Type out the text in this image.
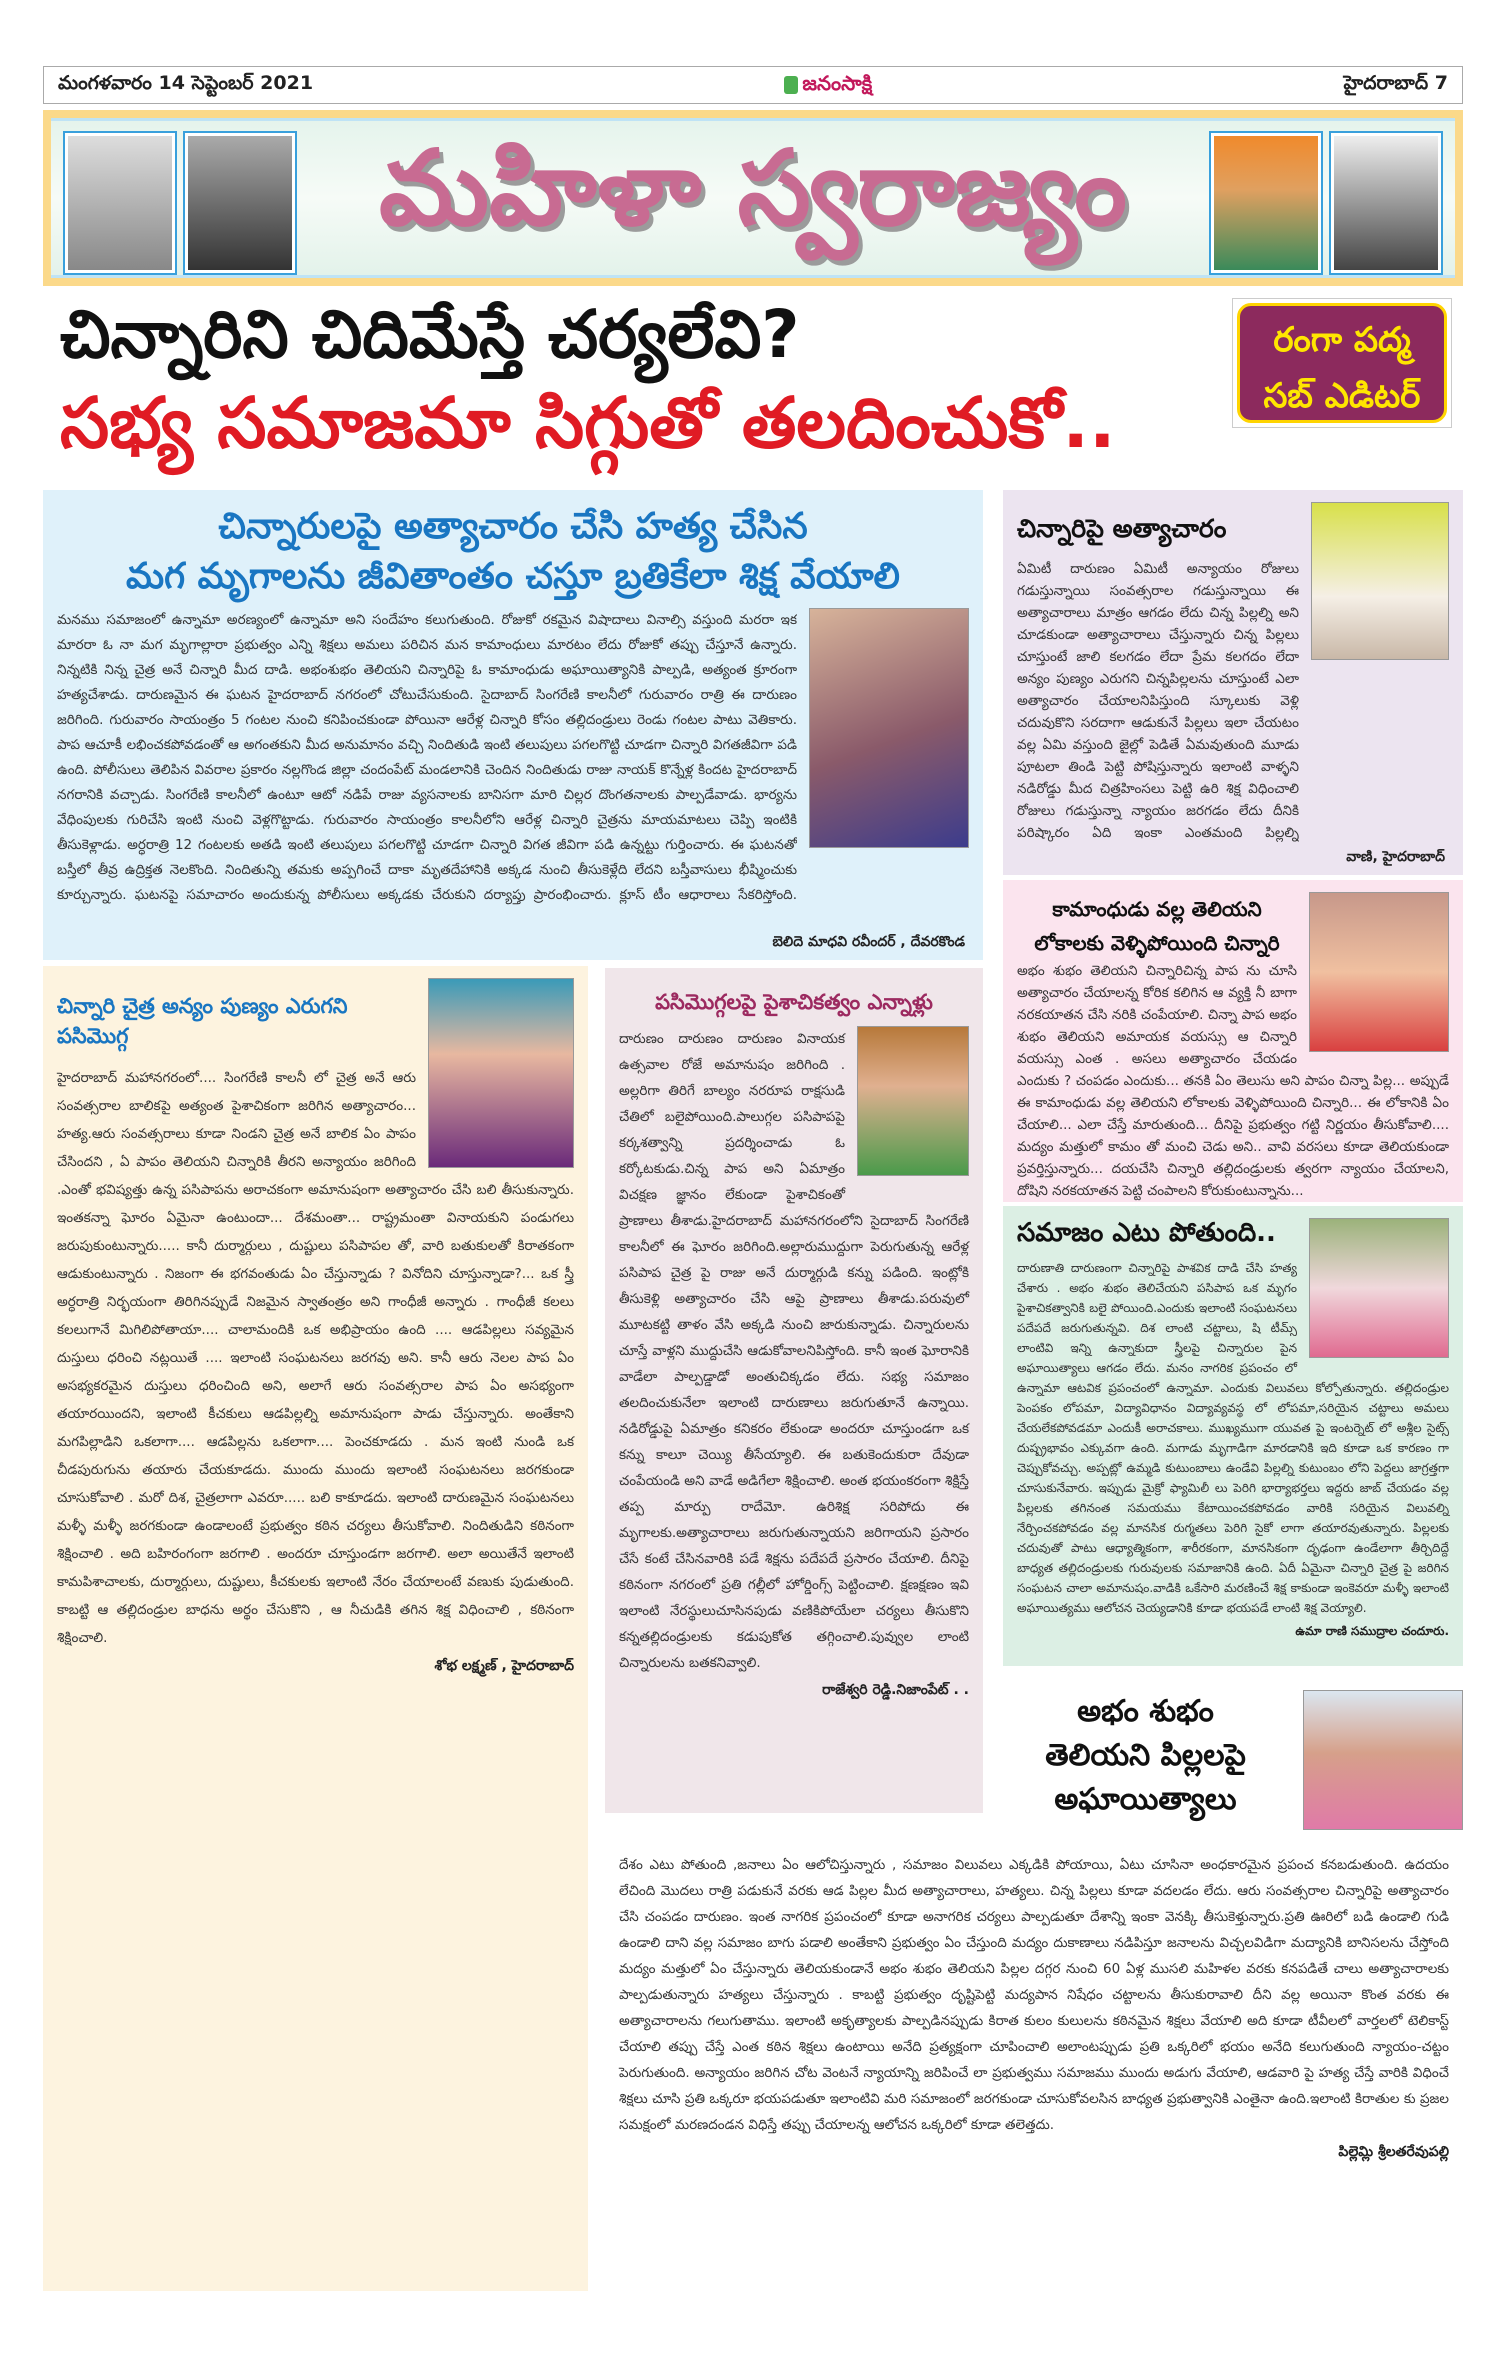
మంగళవారం 14 సెప్టెంబర్ 2021	జనంసాక్షి	హైదరాబాద్ 7
మహిళా స్వరాజ్యం
చిన్నారిని చిదిమేస్తే చర్యలేవి?
సభ్య సమాజమా సిగ్గుతో తలదించుకో..
రంగా పద్మ
సబ్ ఎడిటర్
చిన్నారులపై అత్యాచారం చేసి హత్య చేసిన
మగ మృగాలను జీవితాంతం చస్తూ బ్రతికేలా శిక్ష వేయాలి

మనము సమాజంలో ఉన్నామా అరణ్యంలో ఉన్నామా అని సందేహం కలుగుతుంది. రోజుకో రకమైన విషాదాలు వినాల్సి వస్తుంది మరరా ఇక మారరా ఓ నా మగ మృగాల్లారా ప్రభుత్వం ఎన్ని శిక్షలు అమలు పరిచిన మన కామాంధులు మారటం లేదు రోజుకో తప్పు చేస్తూనే ఉన్నారు. నిన్నటికి నిన్న చైత్ర అనే చిన్నారి మీద దాడి. అభంశుభం తెలియని చిన్నారిపై ఓ కామాంధుడు అఘాయిత్యానికి పాల్పడి, అత్యంత క్రూరంగా హత్యచేశాడు. దారుణమైన ఈ ఘటన హైదరాబాద్ నగరంలో చోటుచేసుకుంది. సైదాబాద్ సింగరేణి కాలనీలో గురువారం రాత్రి ఈ దారుణం జరిగింది. గురువారం సాయంత్రం 5 గంటల నుంచి కనిపించకుండా పోయినా ఆరేళ్ల చిన్నారి కోసం తల్లిదండ్రులు రెండు గంటల పాటు వెతికారు. పాప ఆచూకీ లభించకపోవడంతో ఆ అగంతకుని మీద అనుమానం వచ్చి నిందితుడి ఇంటి తలుపులు పగలగొట్టి చూడగా చిన్నారి విగతజీవిగా పడి ఉంది. పోలీసులు తెలిపిన వివరాల ప్రకారం నల్లగొండ జిల్లా చందంపేట్ మండలానికి చెందిన నిందితుడు రాజు నాయక్ కొన్నేళ్ల కిందట హైదరాబాద్ నగరానికి వచ్చాడు. సింగరేణి కాలనీలో ఉంటూ ఆటో నడిపే రాజు వ్యసనాలకు బానిసగా మారి చిల్లర దొంగతనాలకు పాల్పడేవాడు. భార్యను వేధింపులకు గురిచేసి ఇంటి నుంచి వెళ్లగొట్టాడు. గురువారం సాయంత్రం కాలనీలోని ఆరేళ్ల చిన్నారి చైత్రను మాయమాటలు చెప్పి ఇంటికి తీసుకెళ్లాడు. అర్ధరాత్రి 12 గంటలకు అతడి ఇంటి తలుపులు పగలగొట్టి చూడగా చిన్నారి విగత జీవిగా పడి ఉన్నట్టు గుర్తించారు. ఈ ఘటనతో బస్తీలో తీవ్ర ఉద్రిక్తత నెలకొంది. నిందితున్ని తమకు అప్పగించే దాకా మృతదేహానికి అక్కడ నుంచి తీసుకెళ్లేది లేదని బస్తీవాసులు భీష్మించుకు కూర్చున్నారు. ఘటనపై సమాచారం అందుకున్న పోలీసులు అక్కడకు చేరుకుని దర్యాప్తు ప్రారంభించారు. క్లూస్ టీం ఆధారాలు సేకరిస్తోంది.

బెలిదె మాధవి రవీందర్ , దేవరకొండ
చిన్నారిపై అత్యాచారం

ఏమిటీ దారుణం ఏమిటీ అన్యాయం రోజులు గడుస్తున్నాయి సంవత్సరాల గడుస్తున్నాయి ఈ అత్యాచారాలు మాత్రం ఆగడం లేదు చిన్న పిల్లల్ని అని చూడకుండా అత్యాచారాలు చేస్తున్నారు చిన్న పిల్లలు చూస్తుంటే జాలి కలగడం లేదా ప్రేమ కలగదం లేదా అన్యం పుణ్యం ఎరుగని చిన్నపిల్లలను చూస్తుంటే ఎలా అత్యాచారం చేయాలనిపిస్తుంది స్కూలుకు వెళ్లి చదువుకొని సరదాగా ఆడుకునే పిల్లలు ఇలా చేయటం వల్ల ఏమి వస్తుంది జైల్లో పెడితే ఏమవుతుంది మూడు పూటలా తిండి పెట్టి పోషిస్తున్నారు ఇలాంటి వాళ్ళని నడిరోడ్డు మీద చిత్రహింసలు పెట్టి ఉరి శిక్ష విధించాలి రోజులు గడుస్తున్నా న్యాయం జరగడం లేదు దీనికి పరిష్కారం ఏది ఇంకా ఎంతమంది పిల్లల్ని

వాణి, హైదరాబాద్
కామాంధుడు వల్ల తెలియని లోకాలకు వెళ్ళిపోయింది చిన్నారి

అభం శుభం తెలియని చిన్నారిచిన్న పాప ను చూసి అత్యాచారం చేయాలన్న కోరిక కలిగిన ఆ వ్యక్తి నీ బాగా నరకయాతన చేసి నరికి చంపేయాలి. చిన్నా పాప అభం శుభం తెలియని అమాయక వయస్సు ఆ చిన్నారి వయస్సు ఎంత . అసలు అత్యాచారం చేయడం ఎందుకు ? చంపడం ఎందుకు... తనకి ఏం తెలుసు అని పాపం చిన్నా పిల్ల... అప్పుడే ఈ కామాంధుడు వల్ల తెలియని లోకాలకు వెళ్ళిపోయింది చిన్నారి... ఈ లోకానికి ఏం చేయాలి... ఎలా చేస్తే మారుతుంది... దీనిపై ప్రభుత్వం గట్టి నిర్ణయం తీసుకోవాలి.... మద్యం మత్తులో కామం తో మంచి చెడు అని.. వావి వరసలు కూడా తెలియకుండా ప్రవర్తిస్తున్నారు... దయచేసి చిన్నారి తల్లిదండ్రులకు త్వరగా న్యాయం చేయాలని, దోషిని నరకయాతన పెట్టి చంపాలని కోరుకుంటున్నాను...

సమాజం ఎటు పోతుంది..

దారుణాతి దారుణంగా చిన్నారిపై పాశవిక దాడి చేసి హత్య చేశారు . అభం శుభం తెలిచేయని పసిపాప ఒక మృగం పైశాచికత్వానికి బలై పోయింది.ఎందుకు ఇలాంటి సంఘటనలు పదేపదే జరుగుతున్నవి. దిశ లాంటి చట్టాలు, షి టీమ్స్ లాంటివి ఇన్ని ఉన్నాకుదా స్త్రీలపై చిన్నారుల పైన అఘాయిత్యాలు ఆగడం లేదు. మనం నాగరిక ప్రపంచం లో ఉన్నామా ఆటవిక ప్రపంచంలో ఉన్నామా. ఎందుకు విలువలు కోల్పోతున్నారు. తల్లిదండ్రుల పెంపకం లోపమా, విద్యావిధానం విద్యావ్యవస్థ లో లోపమా,సరియైన చట్టాలు అమలు చేయలేకపోవడమా ఎందుకీ అరాచకాలు. ముఖ్యముగా యువత పై ఇంటర్నెట్ లో అశ్లీల సైట్స్ దుష్ప్రభావం ఎక్కువగా ఉంది. మగాడు మృగాడిగా మారడానికి ఇది కూడా ఒక కారణం గా చెప్పుకోవచ్చు. అప్పట్లో ఉమ్మడి కుటుంబాలు ఉండేవి పిల్లల్ని కుటుంబం లోని పెద్దలు జాగ్రత్తగా చూసుకునేవారు. ఇప్పుడు మైక్రో ఫ్యామిలీ లు పెరిగి భార్యాభర్తలు ఇద్దరు జాబ్ చేయడం వల్ల పిల్లలకు తగినంత సమయము కేటాయించకపోవడం వారికి సరియైన విలువల్ని నేర్పించకపోవడం వల్ల మానసిక రుగ్మతలు పెరిగి సైకో లాగా తయారవుతున్నారు. పిల్లలకు చదువుతో పాటు ఆధ్యాత్మికంగా, శారీరకంగా, మానసికంగా దృఢంగా ఉండేలాగా తీర్చిదిద్దే బాధ్యత తల్లిదండ్రులకు గురువులకు సమాజానికి ఉంది. ఏదీ ఏమైనా చిన్నారి చైత్ర పై జరిగిన సంఘటన చాలా అమానుషం.వాడికి ఒకేసారి మరణించే శిక్ష కాకుండా ఇంకెవరూ మళ్ళీ ఇలాంటి అఘాయిత్యము ఆలోచన చెయ్యడానికి కూడా భయపడే లాంటి శిక్ష వెయ్యాలి.

ఉమా రాణి సముద్రాల చందూరు.
అభం శుభం
తెలియని పిల్లలపై
అఘాయిత్యాలు
చిన్నారి చైత్ర అన్యం పుణ్యం ఎరుగని పసిమొగ్గ

హైదరాబాద్ మహానగరంలో.... సింగరేణి కాలనీ లో చైత్ర అనే ఆరు సంవత్సరాల బాలికపై అత్యంత పైశాచికంగా జరిగిన అత్యాచారం... హత్య.ఆరు సంవత్సరాలు కూడా నిండని చైత్ర అనే బాలిక ఏం పాపం చేసిందని , ఏ పాపం తెలియని చిన్నారికి తీరని అన్యాయం జరిగింది .ఎంతో భవిష్యత్తు ఉన్న పసిపాపను అరాచకంగా అమానుషంగా అత్యాచారం చేసి బలి తీసుకున్నారు. ఇంతకన్నా ఘోరం ఏమైనా ఉంటుందా... దేశమంతా... రాష్ట్రమంతా వినాయకుని పండుగలు జరుపుకుంటున్నారు..... కానీ దుర్మార్గులు , దుష్టులు పసిపాపల తో, వారి బతుకులతో కిరాతకంగా ఆడుకుంటున్నారు . నిజంగా ఈ భగవంతుడు ఏం చేస్తున్నాడు ? వినోదిని చూస్తున్నాడా?... ఒక స్త్రీ అర్ధరాత్రి నిర్భయంగా తిరిగినప్పుడే నిజమైన స్వాతంత్రం అని గాంధీజీ అన్నారు . గాంధీజీ కలలు కలలుగానే మిగిలిపోతాయా.... చాలామందికి ఒక అభిప్రాయం ఉంది .... ఆడపిల్లలు సవ్యమైన దుస్తులు ధరించి నట్లయితే .... ఇలాంటి సంఘటనలు జరగవు అని. కానీ ఆరు నెలల పాప ఏం అసభ్యకరమైన దుస్తులు ధరించింది అని, అలాగే ఆరు సంవత్సరాల పాప ఏం అసభ్యంగా తయారయిందని, ఇలాంటి కీచకులు ఆడపిల్లల్ని అమానుషంగా పాడు చేస్తున్నారు. అంతేకాని మగపిల్లాడిని ఒకలాగా.... ఆడపిల్లను ఒకలాగా.... పెంచకూడదు . మన ఇంటి నుండి ఒక చీడపురుగును తయారు చేయకూడదు. ముందు ముందు ఇలాంటి సంఘటనలు జరగకుండా చూసుకోవాలి . మరో దిశ, చైత్రలాగా ఎవరూ..... బలి కాకూడదు. ఇలాంటి దారుణమైన సంఘటనలు మళ్ళీ మళ్ళీ జరగకుండా ఉండాలంటే ప్రభుత్వం కఠిన చర్యలు తీసుకోవాలి. నిందితుడిని కఠినంగా శిక్షించాలి . అది బహిరంగంగా జరగాలి . అందరూ చూస్తుండగా జరగాలి. అలా అయితేనే ఇలాంటి కామపిశాచాలకు, దుర్మార్గులు, దుష్టులు, కీచకులకు ఇలాంటి నేరం చేయాలంటే వణుకు పుడుతుంది. కాబట్టి ఆ తల్లిదండ్రుల బాధను అర్థం చేసుకొని , ఆ నీచుడికి తగిన శిక్ష విధించాలి , కఠినంగా శిక్షించాలి.

శోభ లక్ష్మణ్ , హైదరాబాద్
పసిమొగ్గలపై పైశాచికత్వం ఎన్నాళ్లు

దారుణం దారుణం దారుణం వినాయక ఉత్సవాల రోజే అమానుషం జరిగింది . అల్లరిగా తిరిగే బాల్యం నరరూప రాక్షసుడి చేతిలో బలైపోయింది.పాలుగ్గల పసిపాపపై కర్కశత్వాన్ని ప్రదర్శించాడు ఓ కర్కోటకుడు.చిన్న పాప అని ఏమాత్రం విచక్షణ జ్ఞానం లేకుండా పైశాచికంతో ప్రాణాలు తీశాడు.హైదరాబాద్ మహానగరంలోని సైదాబాద్ సింగరేణి కాలనీలో ఈ ఘోరం జరిగింది.అల్లారుముద్దుగా పెరుగుతున్న ఆరేళ్ల పసిపాప చైత్ర పై రాజు అనే దుర్మార్గుడి కన్ను పడింది. ఇంట్లోకి తీసుకెళ్లి అత్యాచారం చేసి ఆపై ప్రాణాలు తీశాడు.పరువులో మూటకట్టి తాళం వేసి అక్కడి నుంచి జారుకున్నాడు. చిన్నారులను చూస్తే వాళ్లని ముద్దుచేసి ఆడుకోవాలనిపిస్తోంది. కానీ ఇంత ఘోరానికి వాడేలా పాల్పడ్డాడో అంతుచిక్కడం లేదు. సభ్య సమాజం తలదించుకునేలా ఇలాంటి దారుణాలు జరుగుతూనే ఉన్నాయి. నడిరోడ్డుపై ఏమాత్రం కనికరం లేకుండా అందరూ చూస్తుండగా ఒక కన్ను కాలూ చెయ్యి తీసేయ్యాలి. ఈ బతుకెందుకురా దేవుడా చంపేయండి అని వాడే అడిగేలా శిక్షించాలి. అంత భయంకరంగా శిక్షిస్తే తప్ప మార్పు రాదేమో. ఉరిశిక్ష సరిపోదు ఈ మృగాలకు.అత్యాచారాలు జరుగుతున్నాయని జరిగాయని ప్రసారం చేసే కంటే చేసినవారికి పడే శిక్షను పదేపదే ప్రసారం చేయాలి. దీనిపై కఠినంగా నగరంలో ప్రతి గల్లీలో హోర్డింగ్స్ పెట్టించాలి. క్షణక్షణం ఇవి ఇలాంటి నేరస్థులుచూసినపుడు వణికిపోయేలా చర్యలు తీసుకొని కన్నతల్లిదండ్రులకు కడుపుకోత తగ్గించాలి.పువ్వుల లాంటి చిన్నారులను బతకనివ్వాలి.

రాజేశ్వరి రెడ్డి.నిజాంపేట్ . .

దేశం ఎటు పోతుంది ,జనాలు ఏం ఆలోచిస్తున్నారు , సమాజం విలువలు ఎక్కడికి పోయాయి, ఏటు చూసినా అంధకారమైన ప్రపంచ కనబడుతుంది. ఉదయం లేచింది మొదలు రాత్రి పడుకునే వరకు ఆడ పిల్లల మీద అత్యాచారాలు, హత్యలు. చిన్న పిల్లలు కూడా వదలడం లేదు. ఆరు సంవత్సరాల చిన్నారిపై అత్యాచారం చేసి చంపడం దారుణం. ఇంత నాగరిక ప్రపంచంలో కూడా అనాగరిక చర్యలు పాల్పడుతూ దేశాన్ని ఇంకా వెనక్కి తీసుకెళ్తున్నారు.ప్రతి ఊరిలో బడి ఉండాలి గుడి ఉండాలి దాని వల్ల సమాజం బాగు పడాలి అంతేకాని ప్రభుత్వం ఏం చేస్తుంది మద్యం దుకాణాలు నడిపిస్తూ జనాలను విచ్చలవిడిగా మద్యానికి బానిసలను చేస్తోంది మద్యం మత్తులో ఏం చేస్తున్నారు తెలియకుండానే అభం శుభం తెలియని పిల్లల దగ్గర నుంచి 60 ఏళ్ల ముసలి మహిళల వరకు కనపడితే చాలు అత్యాచారాలకు పాల్పడుతున్నారు హత్యలు చేస్తున్నారు . కాబట్టి ప్రభుత్వం దృష్టిపెట్టి మద్యపాన నిషేధం చట్టాలను తీసుకురావాలి దీని వల్ల అయినా కొంత వరకు ఈ అత్యాచారాలను గలుగుతాము. ఇలాంటి అకృత్యాలకు పాల్పడినప్పుడు కిరాత కులం కులులను కఠినమైన శిక్షలు వేయాలి అది కూడా టీవీలలో వార్తలలో టెలికాస్ట్ చేయాలి తప్పు చేస్తే ఎంత కఠిన శిక్షలు ఉంటాయి అనేది ప్రత్యక్షంగా చూపించాలి అలాంటప్పుడు ప్రతి ఒక్కరిలో భయం అనేది కలుగుతుంది న్యాయం-చట్టం పెరుగుతుంది. అన్యాయం జరిగిన చోట వెంటనే న్యాయాన్ని జరిపించే లా ప్రభుత్వము సమాజము ముందు అడుగు వేయాలి, ఆడవారి పై హత్య చేస్తే వారికి విధించే శిక్షలు చూసి ప్రతి ఒక్కరూ భయపడుతూ ఇలాంటివి మరి సమాజంలో జరగకుండా చూసుకోవలసిన బాధ్యత ప్రభుత్వానికి ఎంతైనా ఉంది.ఇలాంటి కిరాతుల కు ప్రజల సమక్షంలో మరణదండన విధిస్తే తప్పు చేయాలన్న ఆలోచన ఒక్కరిలో కూడా తలెత్తదు.

పిల్లెమ్లి శ్రీలతరేవుపల్లి
